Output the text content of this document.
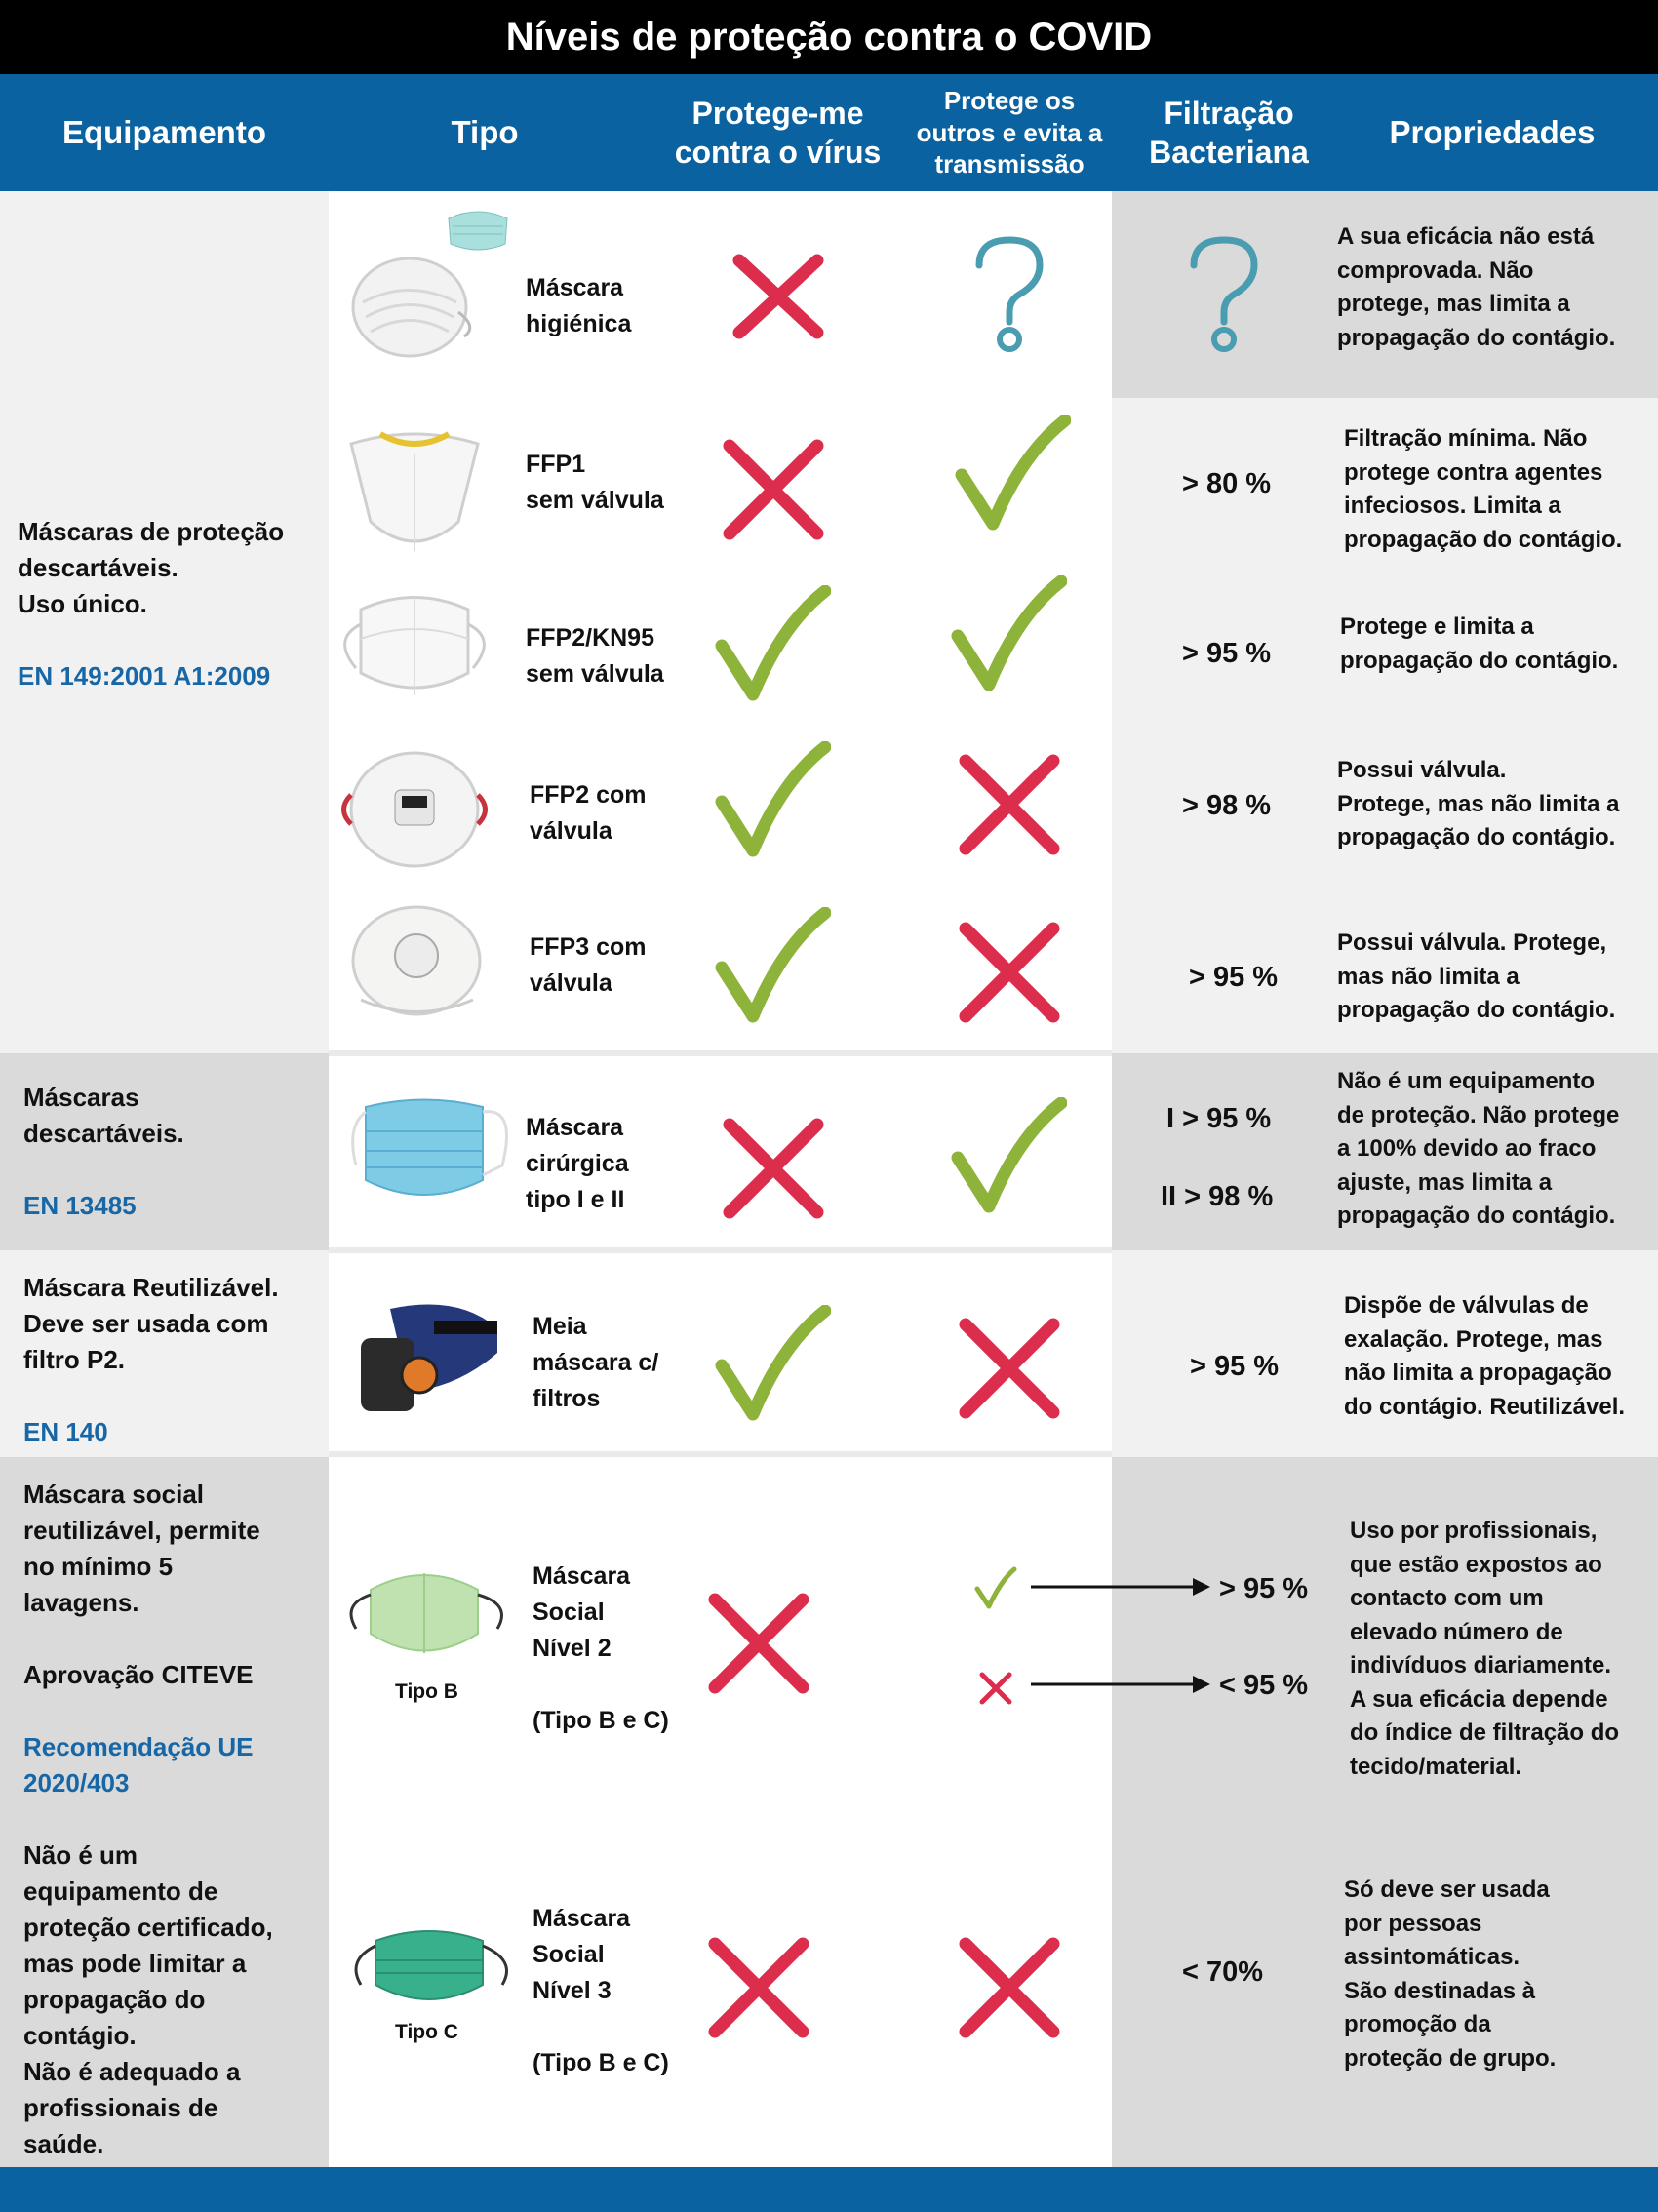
Níveis de proteção contra o COVID
Equipamento	Tipo
Protege-me contra o vírus
Protege os outros e evita a transmissão
Filtração Bacteriana
Propriedades
Máscaras de proteção
descartáveis.
Uso único.
EN 149:2001 A1:2009
Máscaras
descartáveis.
EN 13485
Máscara Reutilizável.
Deve ser usada com
filtro P2.
EN 140
Máscara social
reutilizável, permite
no mínimo 5
lavagens.
Aprovação CITEVE
Recomendação UE
2020/403
Não é um
equipamento de
proteção certificado,
mas pode limitar a
propagação do
contágio.
Não é adequado a
profissionais de
saúde.
Tipo B
Tipo C
Máscara
higiénica
FFP1
sem válvula
FFP2/KN95
sem válvula
FFP2 com
válvula
FFP3 com
válvula
Máscara
cirúrgica
tipo I e II
Meia
máscara c/
filtros
Máscara
Social
Nível 2
(Tipo B e C)
Máscara
Social
Nível 3
(Tipo B e C)
> 80 %
> 95 %
> 98 %
> 95 %
I > 95 %
II > 98 %
> 95 %
> 95 %
< 95 %
< 70%
A sua eficácia não está
comprovada. Não
protege, mas limita a
propagação do contágio.
Filtração mínima. Não
protege contra agentes
infeciosos. Limita a
propagação do contágio.
Protege e limita a
propagação do contágio.
Possui válvula.
Protege, mas não limita a
propagação do contágio.
Possui válvula. Protege,
mas não limita a
propagação do contágio.
Não é um equipamento
de proteção. Não protege
a 100% devido ao fraco
ajuste, mas limita a
propagação do contágio.
Dispõe de válvulas de
exalação. Protege, mas
não limita a propagação
do contágio. Reutilizável.
Uso por profissionais,
que estão expostos ao
contacto com um
elevado número de
indivíduos diariamente.
A sua eficácia depende
do índice de filtração do
tecido/material.
Só deve ser usada
por pessoas
assintomáticas.
São destinadas à
promoção da
proteção de grupo.
